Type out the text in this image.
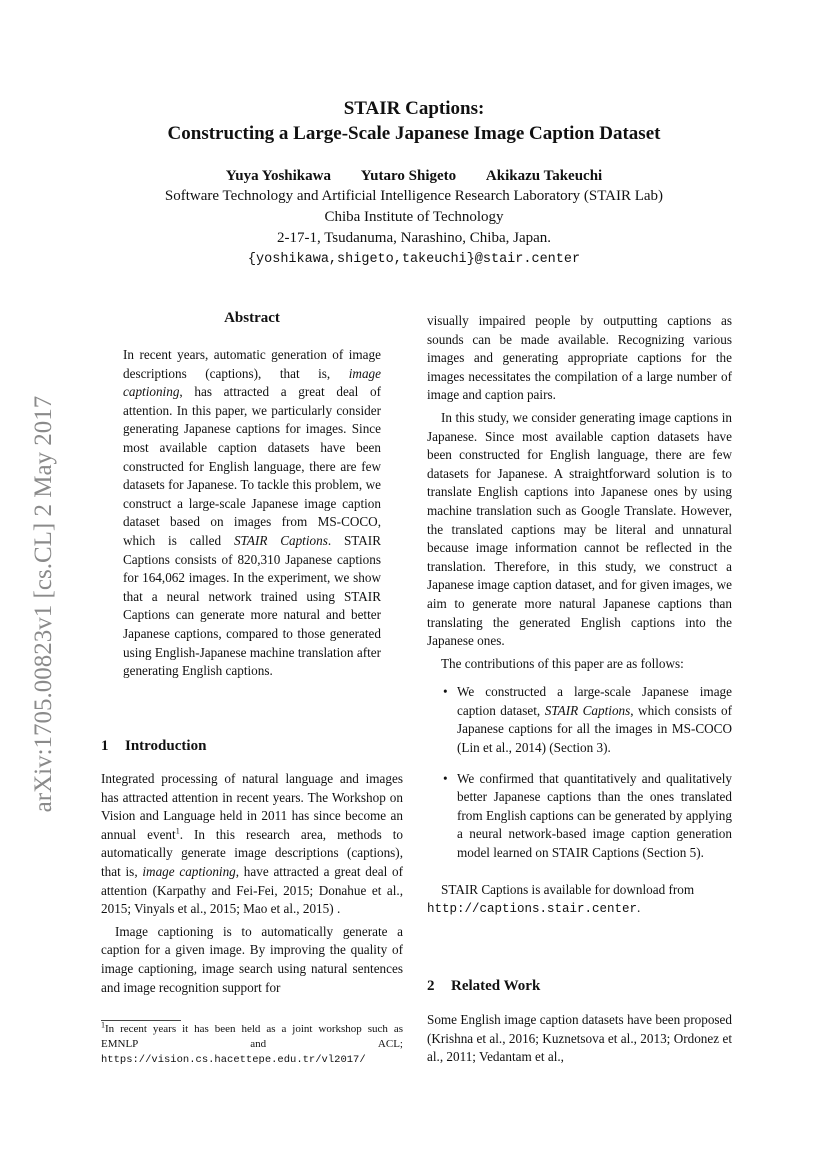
STAIR Captions:
Constructing a Large-Scale Japanese Image Caption Dataset
Yuya Yoshikawa Yutaro Shigeto Akikazu Takeuchi
Software Technology and Artificial Intelligence Research Laboratory (STAIR Lab)
Chiba Institute of Technology
2-17-1, Tsudanuma, Narashino, Chiba, Japan.
{yoshikawa,shigeto,takeuchi}@stair.center
arXiv:1705.00823v1 [cs.CL] 2 May 2017
Abstract

In recent years, automatic generation of image descriptions (captions), that is, image captioning, has attracted a great deal of attention. In this paper, we particularly consider generating Japanese captions for images. Since most available caption datasets have been constructed for English language, there are few datasets for Japanese. To tackle this problem, we construct a large-scale Japanese image caption dataset based on images from MS-COCO, which is called STAIR Captions. STAIR Captions consists of 820,310 Japanese captions for 164,062 images. In the experiment, we show that a neural network trained using STAIR Captions can generate more natural and better Japanese captions, compared to those generated using English-Japanese machine translation after generating English captions.

1 Introduction

Integrated processing of natural language and images has attracted attention in recent years. The Workshop on Vision and Language held in 2011 has since become an annual event$^1$. In this research area, methods to automatically generate image descriptions (captions), that is, image captioning, have attracted a great deal of attention (Karpathy and Fei-Fei, 2015; Donahue et al., 2015; Vinyals et al., 2015; Mao et al., 2015) .

Image captioning is to automatically generate a caption for a given image. By improving the quality of image captioning, image search using natural sentences and image recognition support for

$^1$In recent years it has been held as a joint workshop such as EMNLP and ACL; https://vision.cs.hacettepe.edu.tr/vl2017/

visually impaired people by outputting captions as sounds can be made available. Recognizing various images and generating appropriate captions for the images necessitates the compilation of a large number of image and caption pairs.

In this study, we consider generating image captions in Japanese. Since most available caption datasets have been constructed for English language, there are few datasets for Japanese. A straightforward solution is to translate English captions into Japanese ones by using machine translation such as Google Translate. However, the translated captions may be literal and unnatural because image information cannot be reflected in the translation. Therefore, in this study, we construct a Japanese image caption dataset, and for given images, we aim to generate more natural Japanese captions than translating the generated English captions into the Japanese ones.

The contributions of this paper are as follows:

• We constructed a large-scale Japanese image caption dataset, STAIR Captions, which consists of Japanese captions for all the images in MS-COCO (Lin et al., 2014) (Section 3).
• We confirmed that quantitatively and qualitatively better Japanese captions than the ones translated from English captions can be generated by applying a neural network-based image caption generation model learned on STAIR Captions (Section 5).

STAIR Captions is available for download from
http://captions.stair.center.

2 Related Work

Some English image caption datasets have been proposed (Krishna et al., 2016; Kuznetsova et al., 2013; Ordonez et al., 2011; Vedantam et al.,
